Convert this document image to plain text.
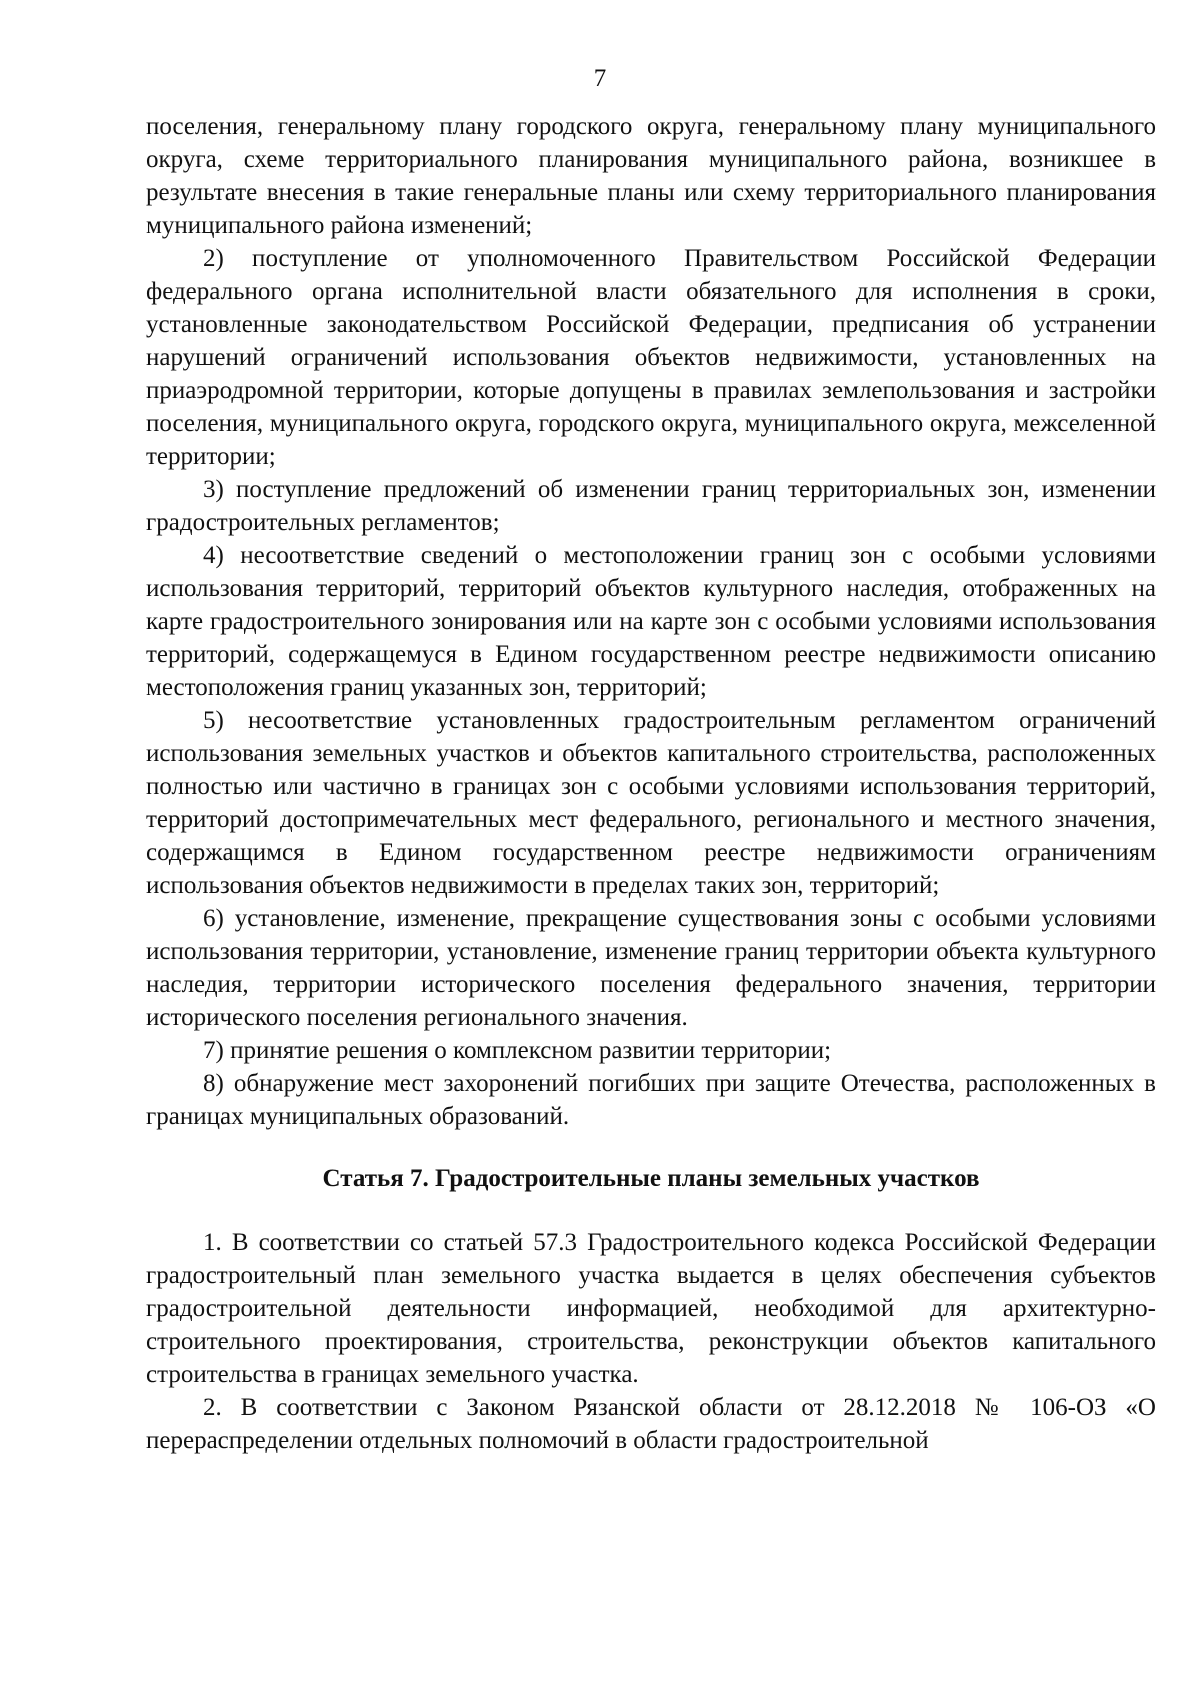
7

поселения, генеральному плану городского округа, генеральному плану муниципального округа, схеме территориального планирования муниципального района, возникшее в результате внесения в такие генеральные планы или схему территориального планирования муниципального района изменений;

2) поступление от уполномоченного Правительством Российской Федерации федерального органа исполнительной власти обязательного для исполнения в сроки, установленные законодательством Российской Федерации, предписания об устранении нарушений ограничений использования объектов недвижимости, установленных на приаэродромной территории, которые допущены в правилах землепользования и застройки поселения, муниципального округа, городского округа, муниципального округа, межселенной территории;

3) поступление предложений об изменении границ территориальных зон, изменении градостроительных регламентов;

4) несоответствие сведений о местоположении границ зон с особыми условиями использования территорий, территорий объектов культурного наследия, отображенных на карте градостроительного зонирования или на карте зон с особыми условиями использования территорий, содержащемуся в Едином государственном реестре недвижимости описанию местоположения границ указанных зон, территорий;

5) несоответствие установленных градостроительным регламентом ограничений использования земельных участков и объектов капитального строительства, расположенных полностью или частично в границах зон с особыми условиями использования территорий, территорий достопримечательных мест федерального, регионального и местного значения, содержащимся в Едином государственном реестре недвижимости ограничениям использования объектов недвижимости в пределах таких зон, территорий;

6) установление, изменение, прекращение существования зоны с особыми условиями использования территории, установление, изменение границ территории объекта культурного наследия, территории исторического поселения федерального значения, территории исторического поселения регионального значения.

7) принятие решения о комплексном развитии территории;

8) обнаружение мест захоронений погибших при защите Отечества, расположенных в границах муниципальных образований.

Статья 7. Градостроительные планы земельных участков

1. В соответствии со статьей 57.3 Градостроительного кодекса Российской Федерации градостроительный план земельного участка выдается в целях обеспечения субъектов градостроительной деятельности информацией, необходимой для архитектурно-строительного проектирования, строительства, реконструкции объектов капитального строительства в границах земельного участка.

2. В соответствии с Законом Рязанской области от 28.12.2018 № 106-ОЗ «О перераспределении отдельных полномочий в области градостроительной
